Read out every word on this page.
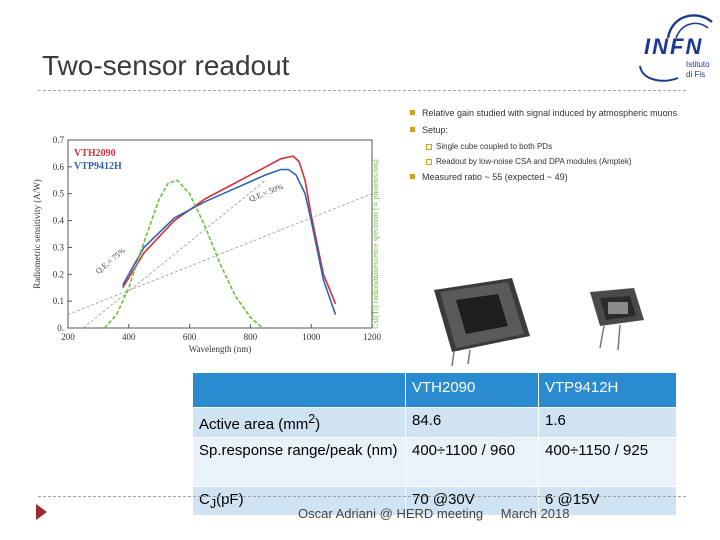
Two-sensor readout
INFN
Istituto
di Fis
Relative gain studied with signal induced by atmospheric muons
Setup:
Single cube coupled to both PDs
Readout by low-noise CSA and DPA modules (Amptek)
Measured ratio ~ 55 (expected ~ 49)
200	400	600	800	1000	1200
0.
0.1
0.2
0.3
0.4
0.5
0.6
0.7
Wavelength (nm)
Radiometric sensitivity (A/W)	CsI(Tl) radioluminescence spectrum (∝ photons/nm)
VTH2090
VTP9412H
Q.E.= 50%
Q.E.= 75%
	VTH2090	VTP9412H
Active area $(mm^2)$	84.6	1.6
Sp.response range/peak (nm)	400÷1100 / 960	400÷1150 / 925
$C_J(pF)$	70 @30V	6 @15V
Oscar Adriani @ HERD meeting March 2018
